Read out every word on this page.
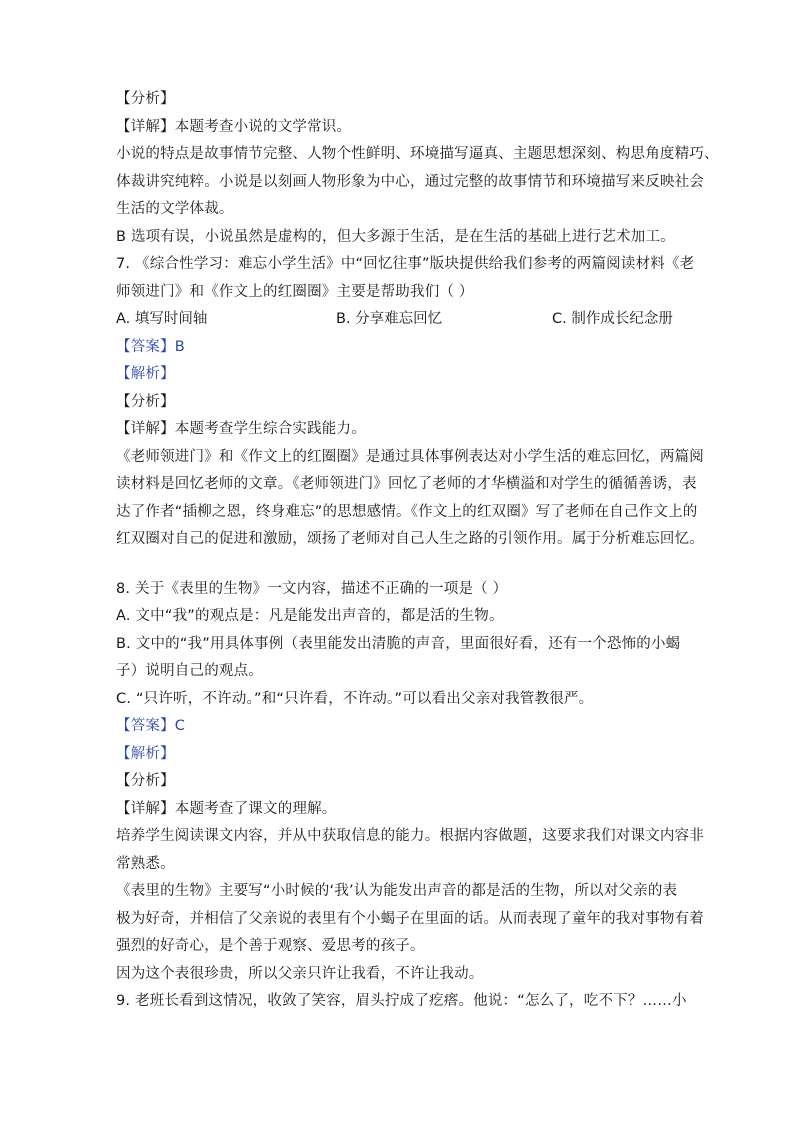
【分析】
【详解】本题考查小说的文学常识。
小说的特点是故事情节完整、人物个性鲜明、环境描写逼真、主题思想深刻、构思角度精巧、
体裁讲究纯粹。小说是以刻画人物形象为中心，通过完整的故事情节和环境描写来反映社会
生活的文学体裁。
B 选项有误，小说虽然是虚构的，但大多源于生活，是在生活的基础上进行艺术加工。
7. 《综合性学习：难忘小学生活》中“回忆往事”版块提供给我们参考的两篇阅读材料《老
师领进门》和《作文上的红圈圈》主要是帮助我们（ ）
A. 填写时间轴	B. 分享难忘回忆	C. 制作成长纪念册
【答案】B
【解析】
【分析】
【详解】本题考查学生综合实践能力。
《老师领进门》和《作文上的红圈圈》是通过具体事例表达对小学生活的难忘回忆，两篇阅
读材料是回忆老师的文章。《老师领进门》回忆了老师的才华横溢和对学生的循循善诱，表
达了作者“插柳之恩，终身难忘”的思想感情。《作文上的红双圈》写了老师在自己作文上的
红双圈对自己的促进和激励，颂扬了老师对自己人生之路的引领作用。属于分析难忘回忆。
8. 关于《表里的生物》一文内容，描述不正确的一项是（ ）
A. 文中“我”的观点是：凡是能发出声音的，都是活的生物。
B. 文中的“我”用具体事例（表里能发出清脆的声音，里面很好看，还有一个恐怖的小蝎
子）说明自己的观点。
C. “只许听，不许动。”和“只许看，不许动。”可以看出父亲对我管教很严。
【答案】C
【解析】
【分析】
【详解】本题考查了课文的理解。
培养学生阅读课文内容，并从中获取信息的能力。根据内容做题，这要求我们对课文内容非
常熟悉。
《表里的生物》主要写“小时候的‘我’认为能发出声音的都是活的生物，所以对父亲的表
极为好奇，并相信了父亲说的表里有个小蝎子在里面的话。从而表现了童年的我对事物有着
强烈的好奇心，是个善于观察、爱思考的孩子。
因为这个表很珍贵，所以父亲只许让我看，不许让我动。
9. 老班长看到这情况，收敛了笑容，眉头拧成了疙瘩。他说：“怎么了，吃不下？……小
